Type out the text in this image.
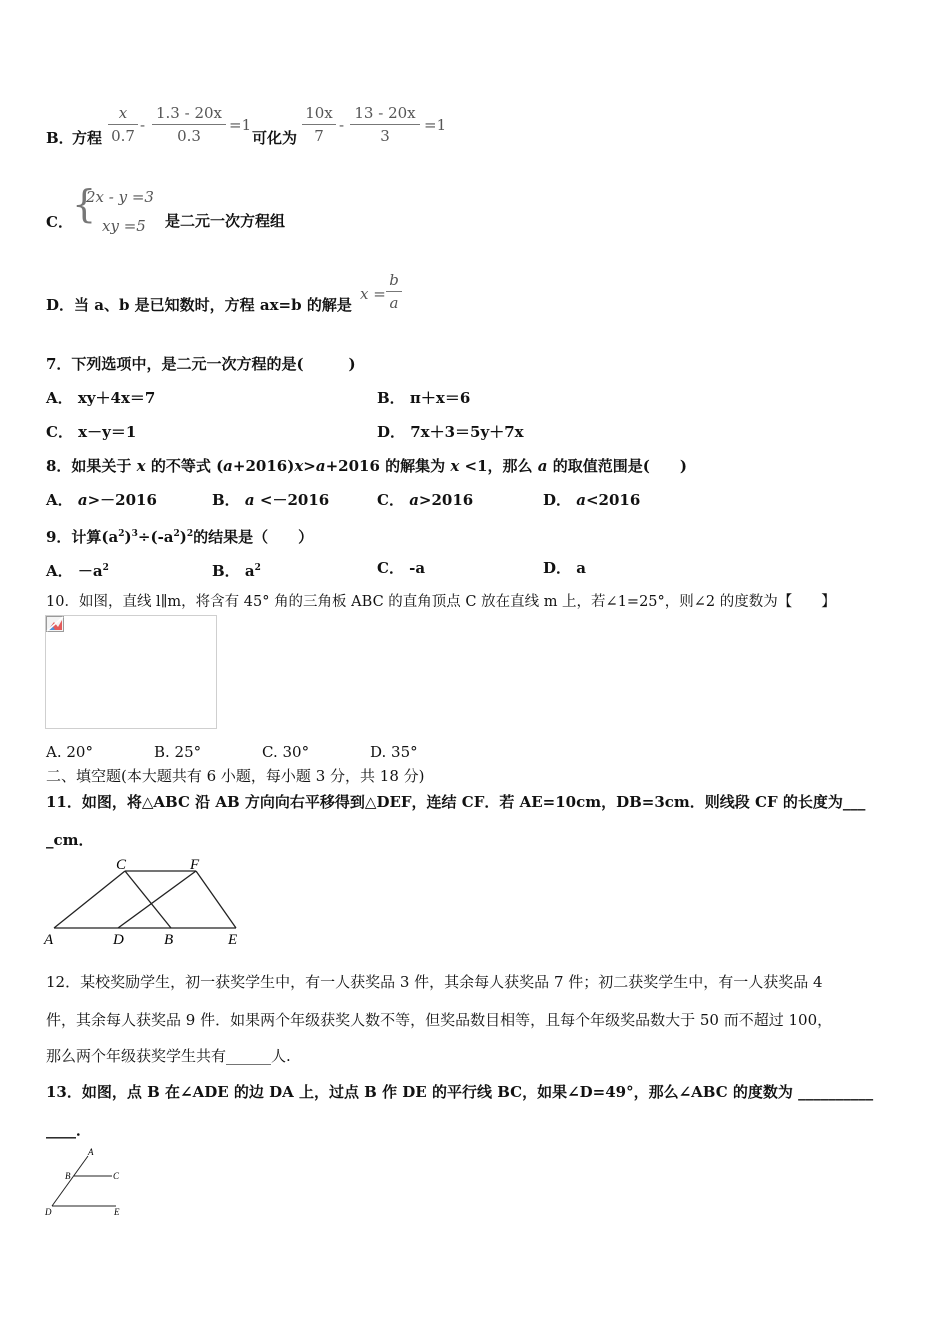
B．
方程
x
0.7
-
1.3 - 20x
0.3
=1
可化为
10x
7
-
13 - 20x
3
=1
C． {
2x - y =3
xy =5 是二元一次方程组
D． 当 a、b 是已知数时，方程 ax=b 的解是
x =
b
a
7．下列选项中，是二元一次方程的是(　　　)
A． xy＋4x＝7	B． π＋x＝6
C． x－y＝1	D． 7x＋3＝5y＋7x
8．如果关于 x 的不等式 (a+2016)x>a+2016 的解集为 x <1，那么 a 的取值范围是(　　)
A． a>－2016	B． a <－2016	C． a>2016	D． a<2016
9．计算$(a^2)^3\div(-a^2)^2$的结果是（　　）
A． $-a^2$	B． $a^2$	C． -a	D． a
10．如图，直线 l∥m，将含有 45° 角的三角板 ABC 的直角顶点 C 放在直线 m 上，若∠1=25°，则∠2 的度数为【　　】
A. 20°	B. 25°	C. 30°	D. 35°
二、填空题(本大题共有 6 小题，每小题 3 分，共 18 分)
11．如图，将△ABC 沿 AB 方向向右平移得到△DEF，连结 CF．若 AE=10cm，DB=3cm．则线段 CF 的长度为___
_cm．
A	D	B	E
C	F
12．某校奖励学生，初一获奖学生中，有一人获奖品 3 件，其余每人获奖品 7 件；初二获奖学生中，有一人获奖品 4
件，其余每人获奖品 9 件．如果两个年级获奖人数不等，但奖品数目相等，且每个年级奖品数大于 50 而不超过 100，
那么两个年级获奖学生共有______人.
13．如图，点 B 在∠ADE 的边 DA 上，过点 B 作 DE 的平行线 BC，如果∠D=49°，那么∠ABC 的度数为 __________
____．
A
B	C
D	E
